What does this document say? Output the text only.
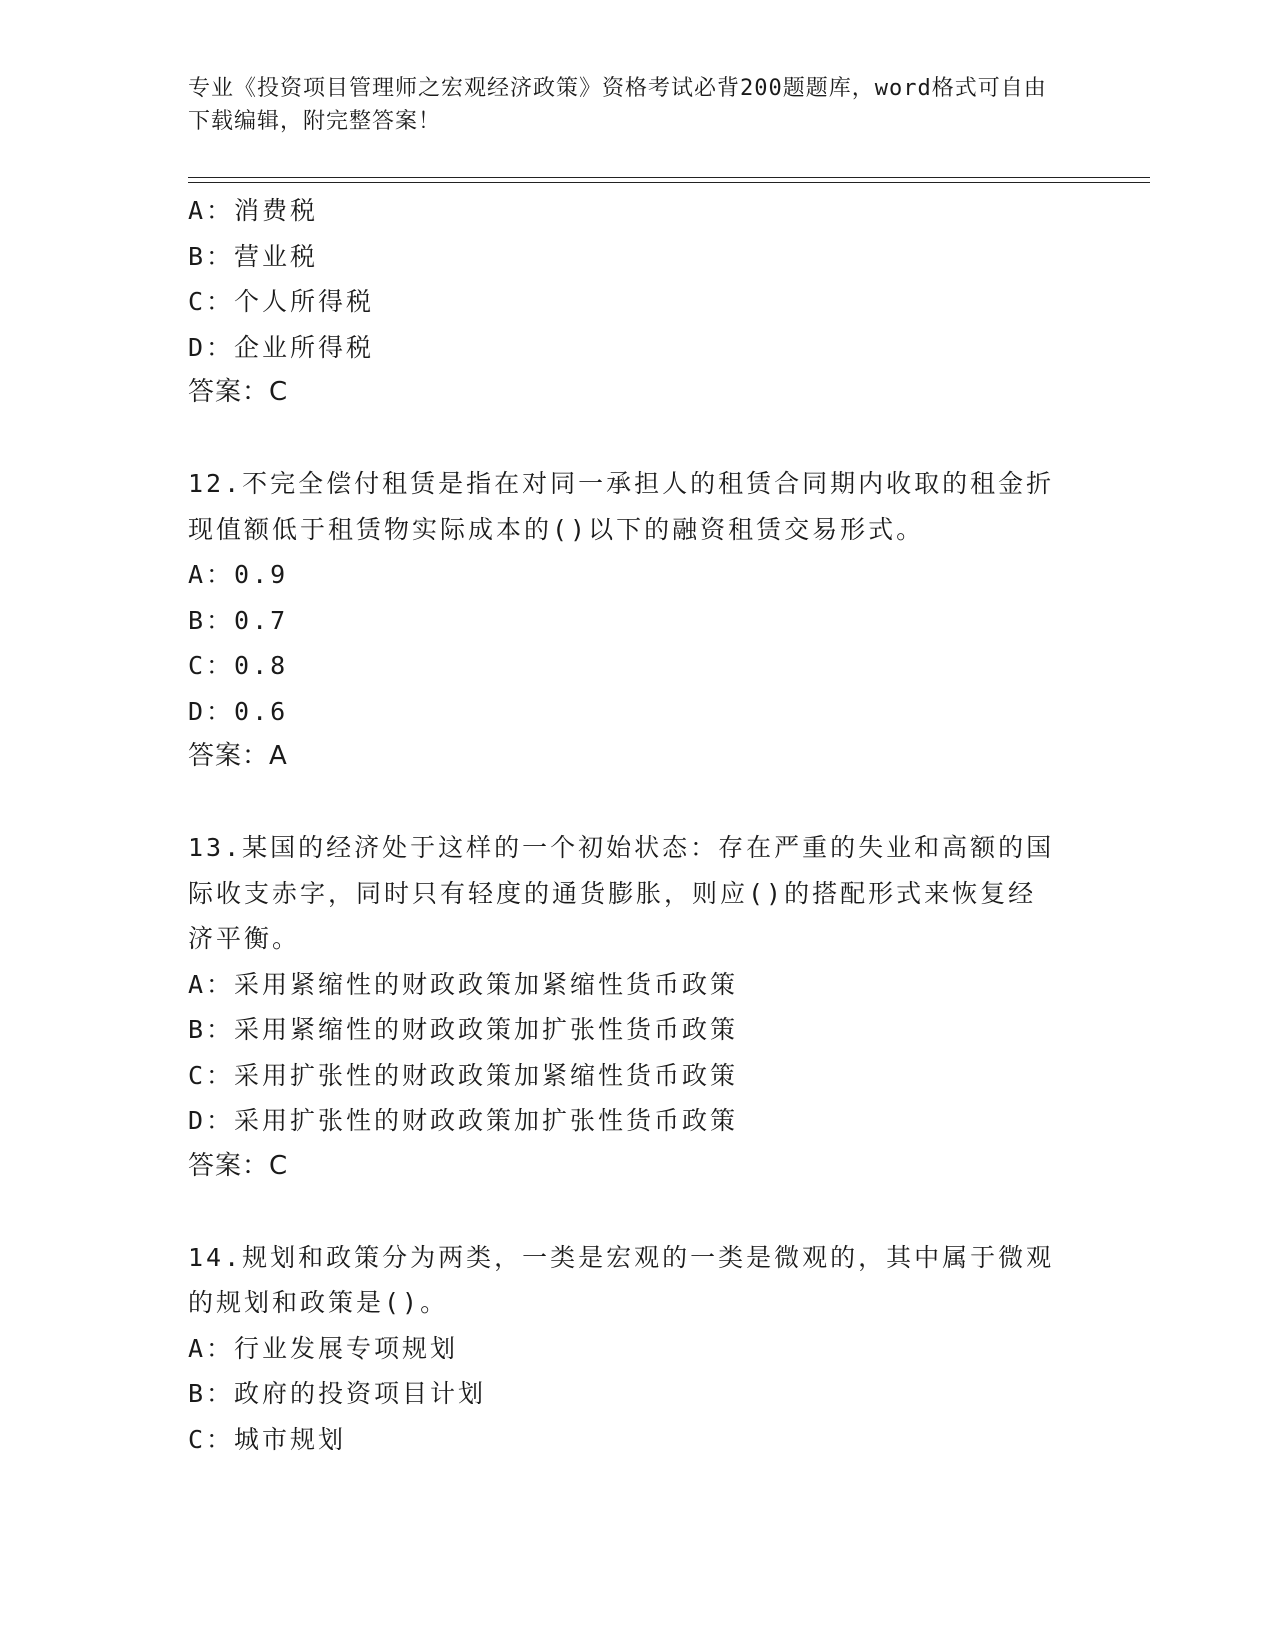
专业《投资项目管理师之宏观经济政策》资格考试必背200题题库，word格式可自由下载编辑，附完整答案！
A：消费税
B：营业税
C：个人所得税
D：企业所得税
答案：C
12.不完全偿付租赁是指在对同一承担人的租赁合同期内收取的租金折
现值额低于租赁物实际成本的()以下的融资租赁交易形式。
A：0.9
B：0.7
C：0.8
D：0.6
答案：A
13.某国的经济处于这样的一个初始状态：存在严重的失业和高额的国
际收支赤字，同时只有轻度的通货膨胀，则应()的搭配形式来恢复经
济平衡。
A：采用紧缩性的财政政策加紧缩性货币政策
B：采用紧缩性的财政政策加扩张性货币政策
C：采用扩张性的财政政策加紧缩性货币政策
D：采用扩张性的财政政策加扩张性货币政策
答案：C
14.规划和政策分为两类，一类是宏观的一类是微观的，其中属于微观
的规划和政策是()。
A：行业发展专项规划
B：政府的投资项目计划
C：城市规划
